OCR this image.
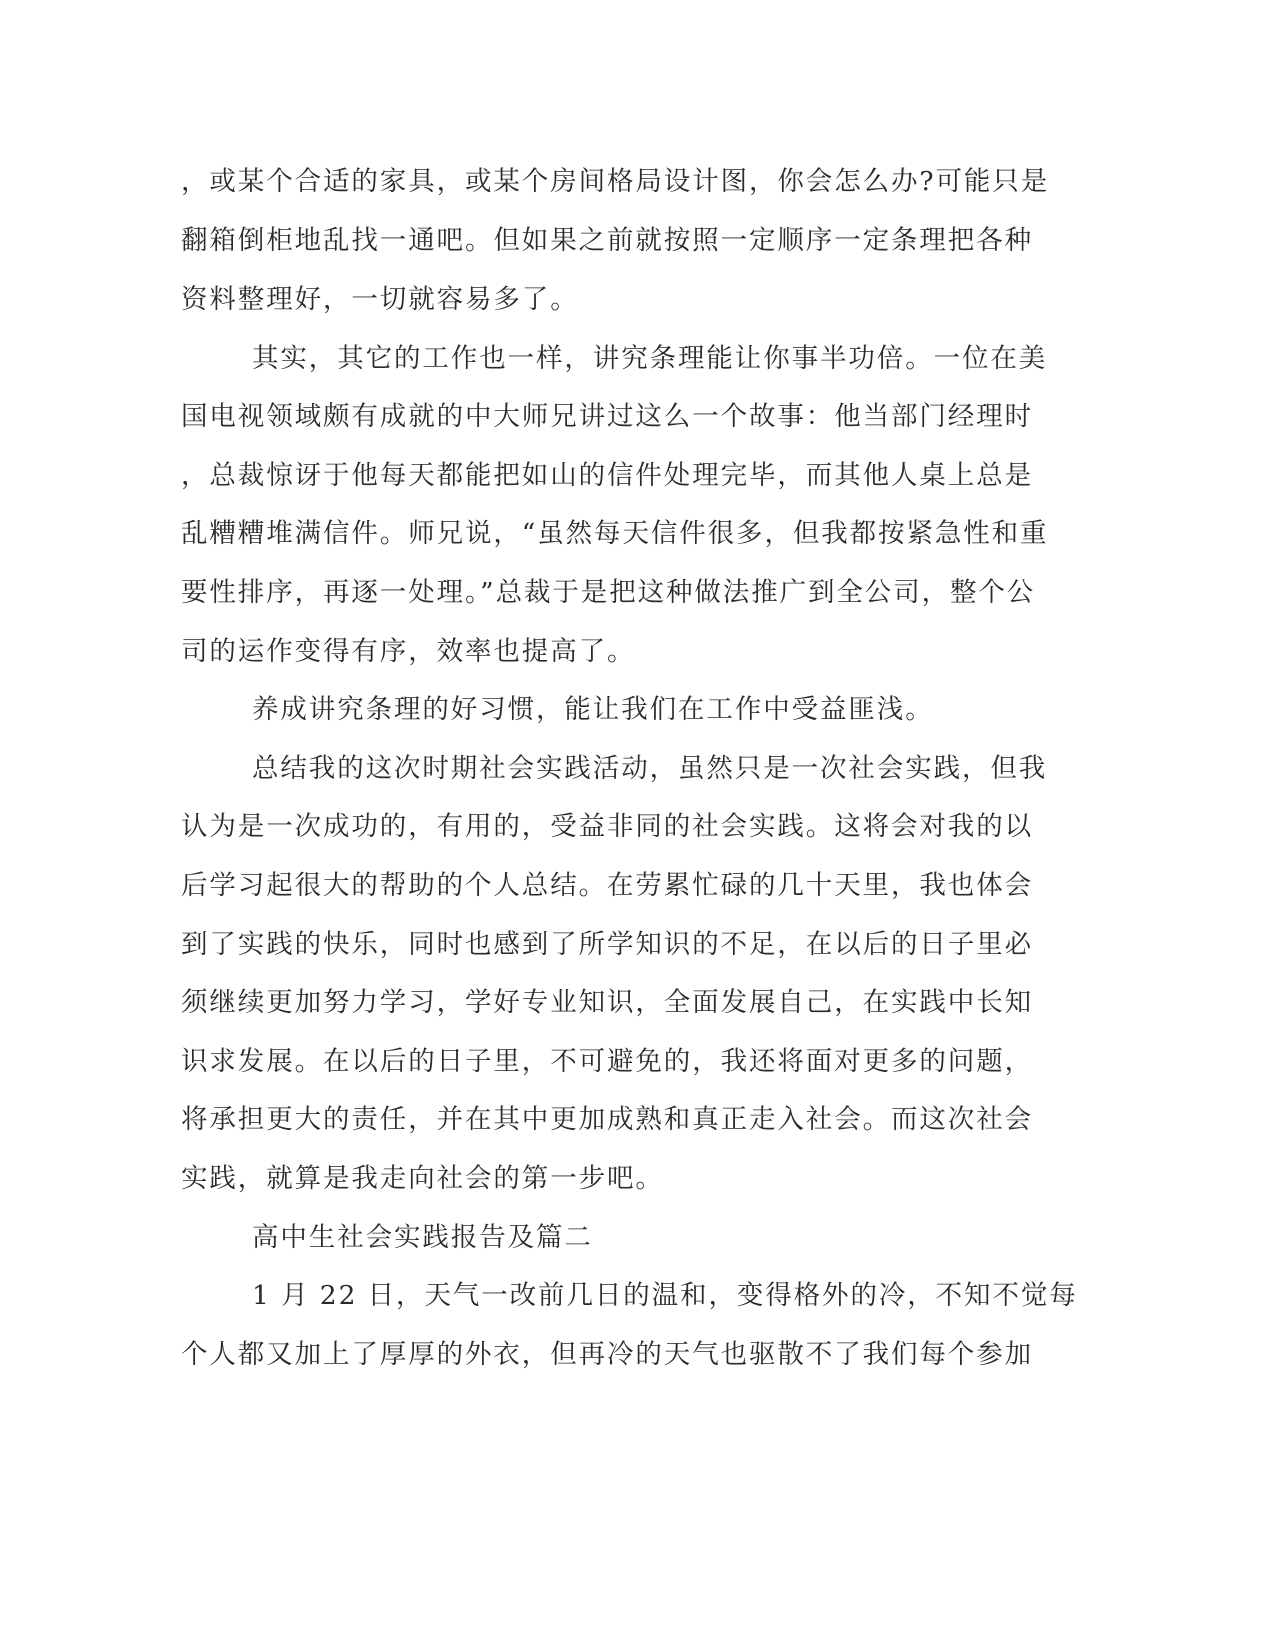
，或某个合适的家具，或某个房间格局设计图，你会怎么办?可能只是
翻箱倒柜地乱找一通吧。但如果之前就按照一定顺序一定条理把各种
资料整理好，一切就容易多了。
其实，其它的工作也一样，讲究条理能让你事半功倍。一位在美
国电视领域颇有成就的中大师兄讲过这么一个故事：他当部门经理时
，总裁惊讶于他每天都能把如山的信件处理完毕，而其他人桌上总是
乱糟糟堆满信件。师兄说，“虽然每天信件很多，但我都按紧急性和重
要性排序，再逐一处理。”总裁于是把这种做法推广到全公司，整个公
司的运作变得有序，效率也提高了。
养成讲究条理的好习惯，能让我们在工作中受益匪浅。
总结我的这次时期社会实践活动，虽然只是一次社会实践，但我
认为是一次成功的，有用的，受益非同的社会实践。这将会对我的以
后学习起很大的帮助的个人总结。在劳累忙碌的几十天里，我也体会
到了实践的快乐，同时也感到了所学知识的不足，在以后的日子里必
须继续更加努力学习，学好专业知识，全面发展自己，在实践中长知
识求发展。在以后的日子里，不可避免的，我还将面对更多的问题，
将承担更大的责任，并在其中更加成熟和真正走入社会。而这次社会
实践，就算是我走向社会的第一步吧。
高中生社会实践报告及篇二
1 月 22 日，天气一改前几日的温和，变得格外的冷，不知不觉每
个人都又加上了厚厚的外衣，但再冷的天气也驱散不了我们每个参加
